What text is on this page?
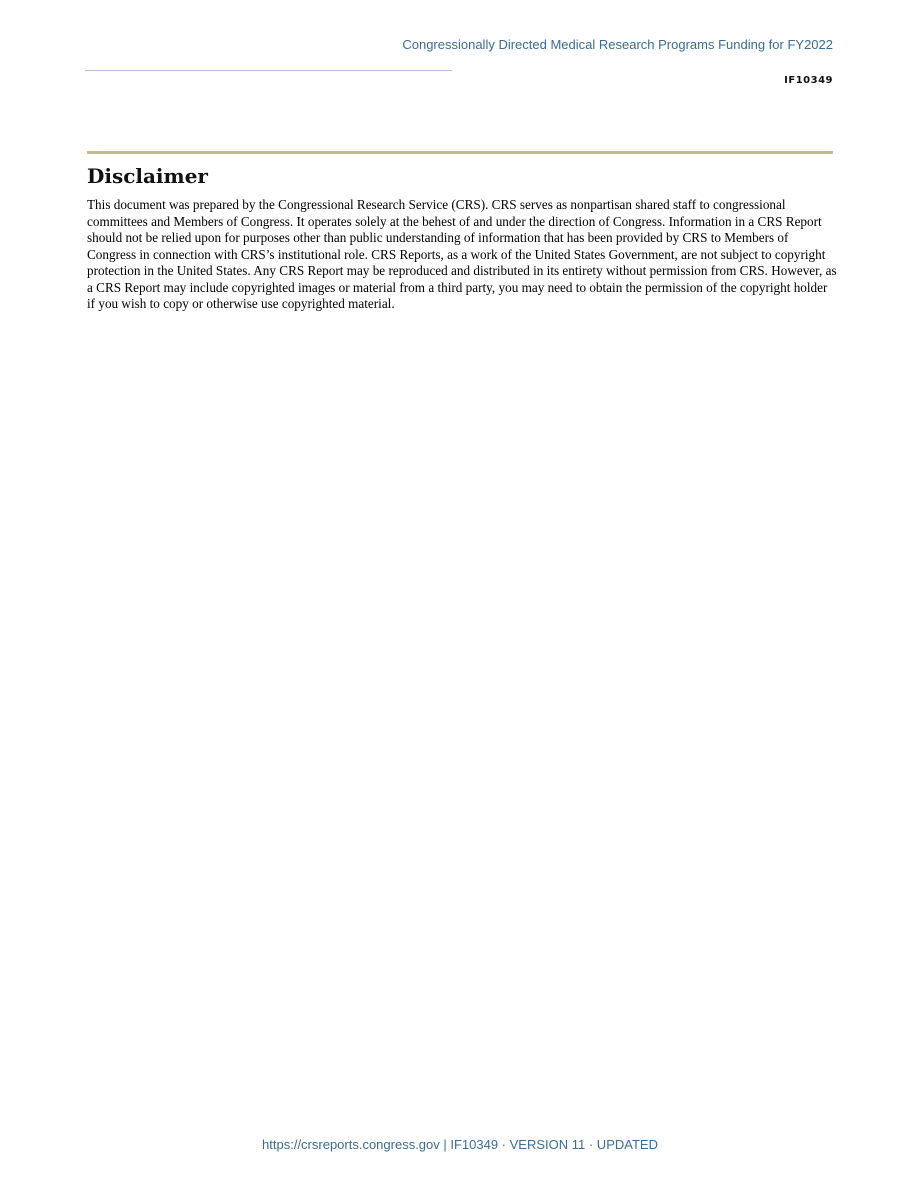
Congressionally Directed Medical Research Programs Funding for FY2022
IF10349
Disclaimer

This document was prepared by the Congressional Research Service (CRS). CRS serves as nonpartisan shared staff to congressional committees and Members of Congress. It operates solely at the behest of and under the direction of Congress. Information in a CRS Report should not be relied upon for purposes other than public understanding of information that has been provided by CRS to Members of Congress in connection with CRS’s institutional role. CRS Reports, as a work of the United States Government, are not subject to copyright protection in the United States. Any CRS Report may be reproduced and distributed in its entirety without permission from CRS. However, as a CRS Report may include copyrighted images or material from a third party, you may need to obtain the permission of the copyright holder if you wish to copy or otherwise use copyrighted material.

https://crsreports.congress.gov | IF10349 · VERSION 11 · UPDATED
